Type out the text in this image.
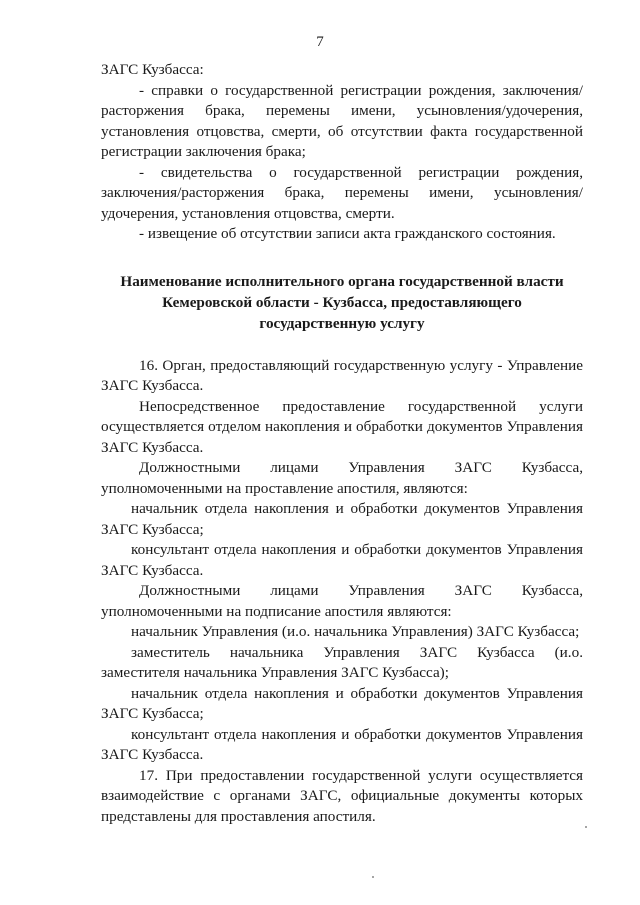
7

ЗАГС Кузбасса:

- справки о государственной регистрации рождения, заключения/расторжения брака, перемены имени, усыновления/удочерения, установления отцовства, смерти, об отсутствии факта государственной регистрации заключения брака;

- свидетельства о государственной регистрации рождения, заключения/расторжения брака, перемены имени, усыновления/удочерения, установления отцовства, смерти.

- извещение об отсутствии записи акта гражданского состояния.

Наименование исполнительного органа государственной власти
Кемеровской области - Кузбасса, предоставляющего
государственную услугу

16. Орган, предоставляющий государственную услугу - Управление ЗАГС Кузбасса.

Непосредственное предоставление государственной услуги осуществляется отделом накопления и обработки документов Управления ЗАГС Кузбасса.

Должностными лицами Управления ЗАГС Кузбасса, уполномоченными на проставление апостиля, являются:

начальник отдела накопления и обработки документов Управления ЗАГС Кузбасса;

консультант отдела накопления и обработки документов Управления ЗАГС Кузбасса.

Должностными лицами Управления ЗАГС Кузбасса, уполномоченными на подписание апостиля являются:

начальник Управления (и.о. начальника Управления) ЗАГС Кузбасса;

заместитель начальника Управления ЗАГС Кузбасса (и.о. заместителя начальника Управления ЗАГС Кузбасса);

начальник отдела накопления и обработки документов Управления ЗАГС Кузбасса;

консультант отдела накопления и обработки документов Управления ЗАГС Кузбасса.

17. При предоставлении государственной услуги осуществляется взаимодействие с органами ЗАГС, официальные документы которых представлены для проставления апостиля.
